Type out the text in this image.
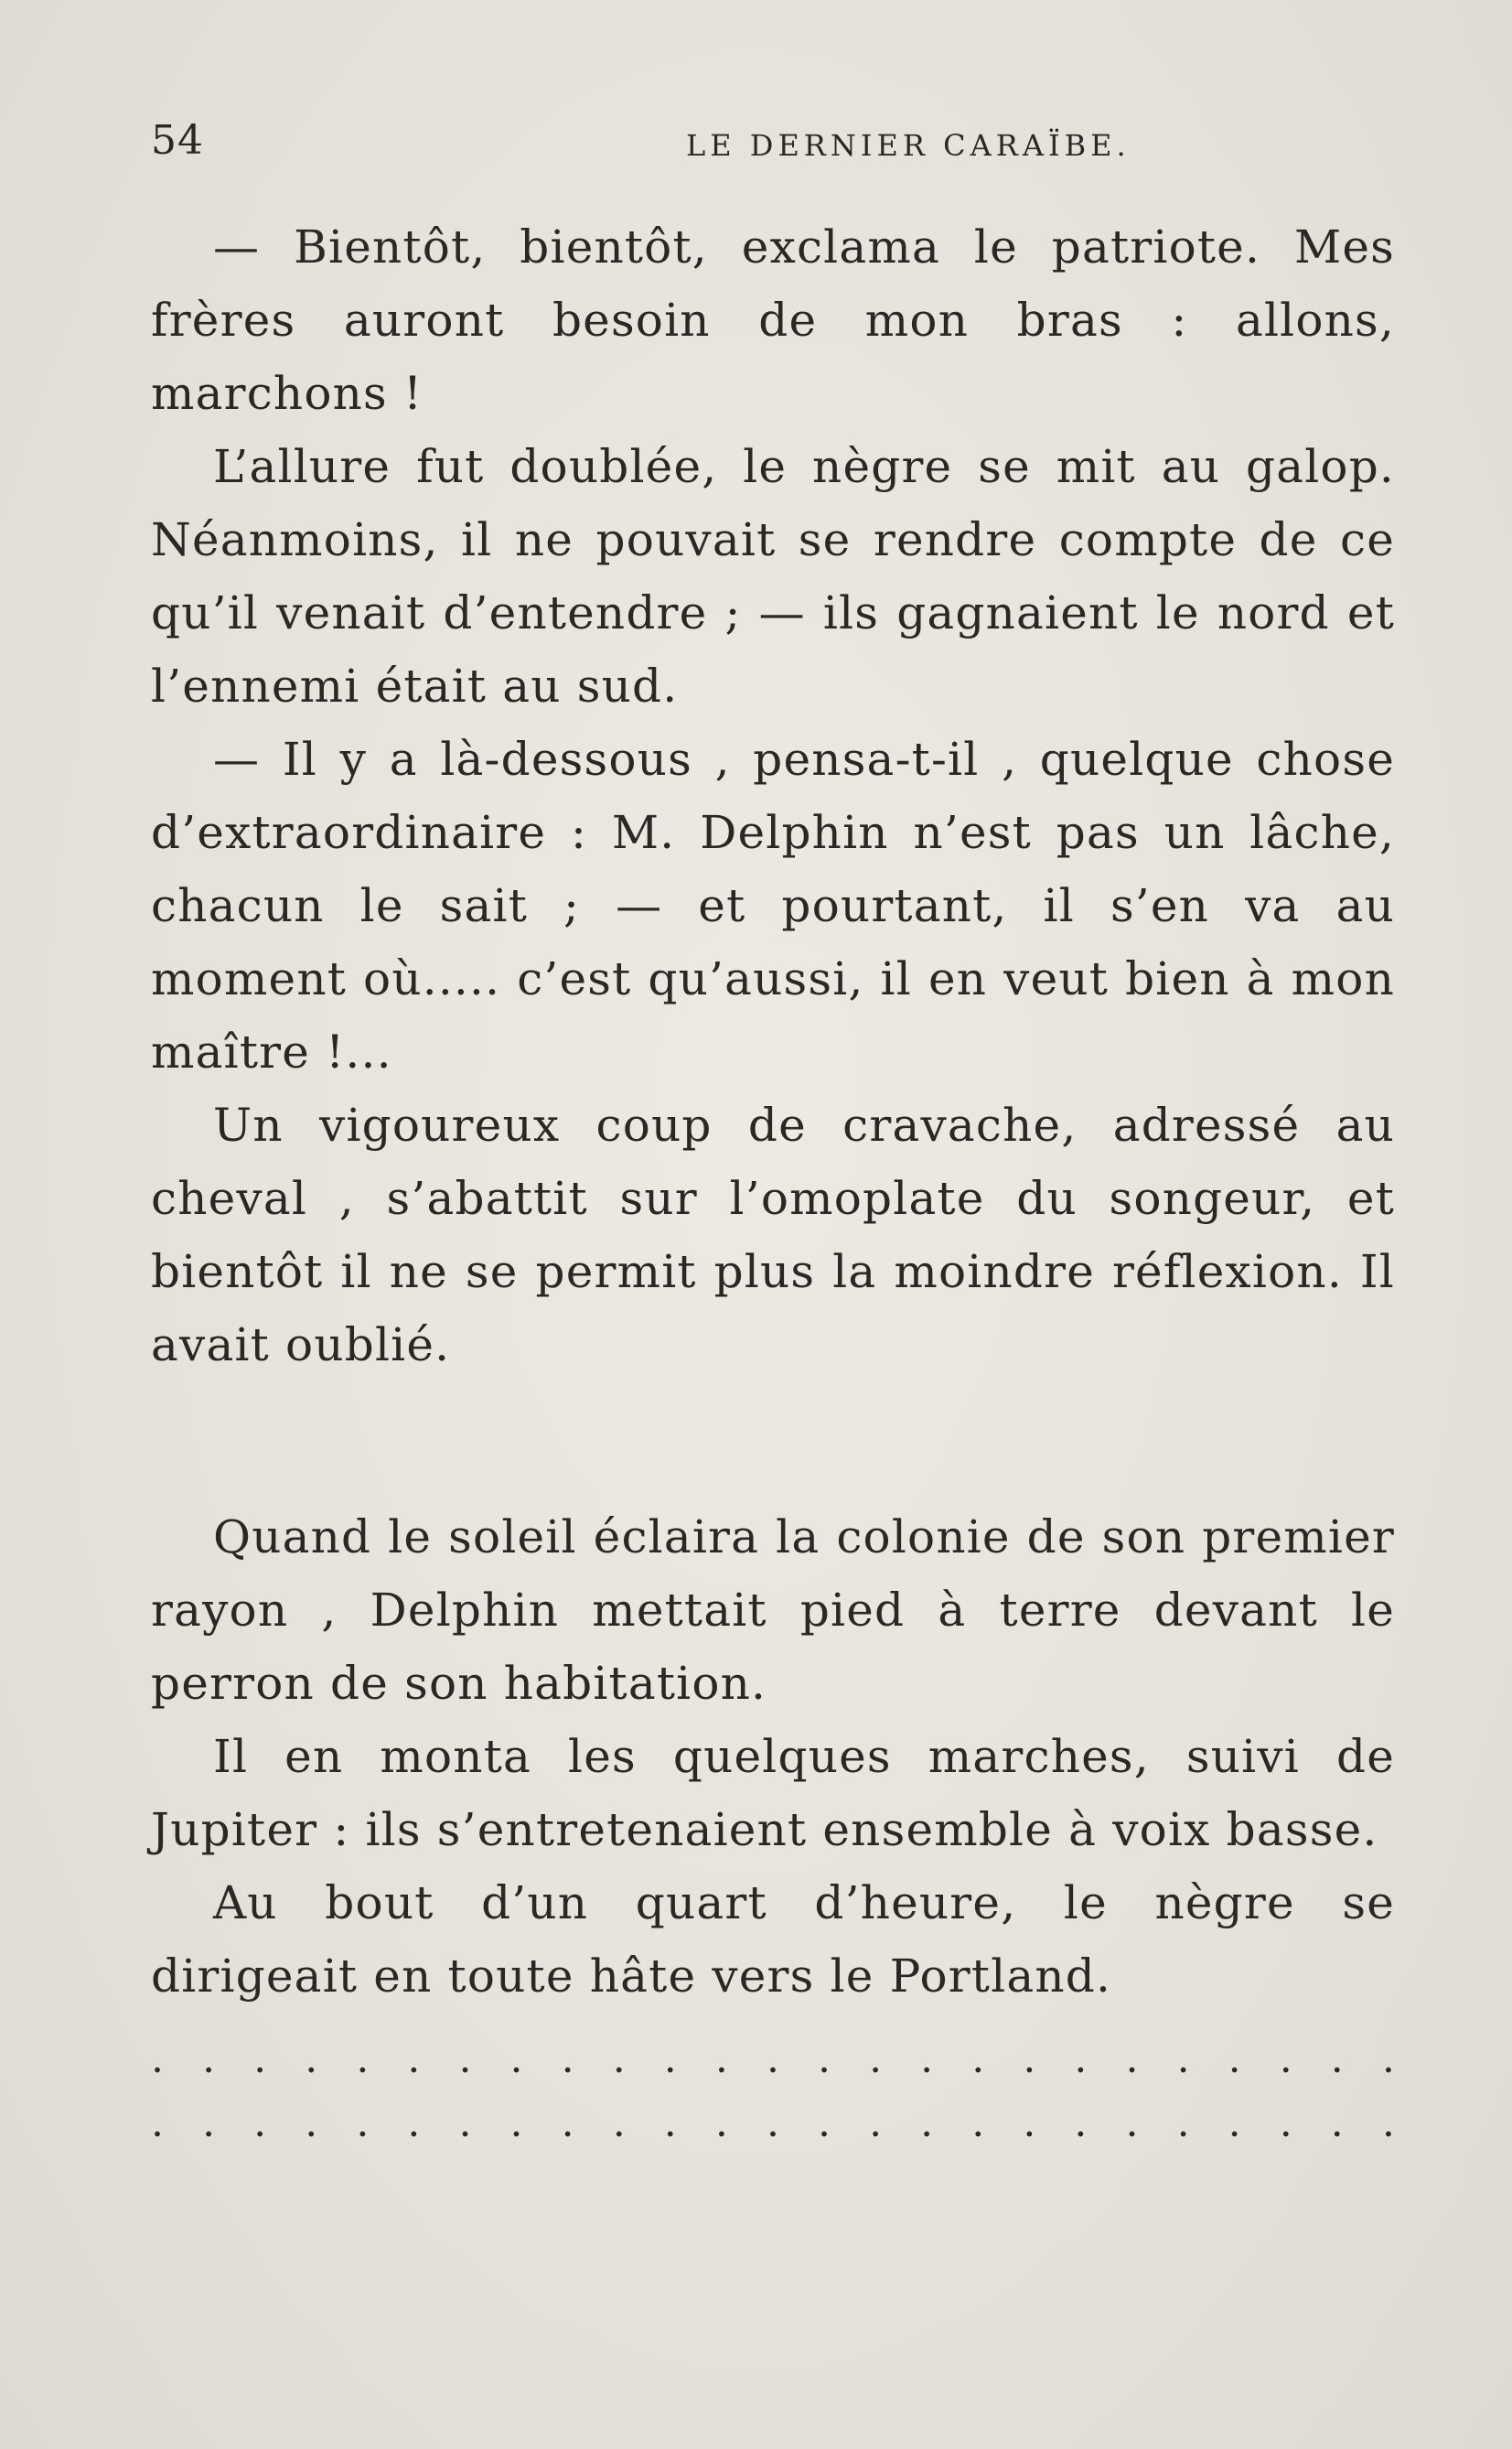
54	LE DERNIER CARAÏBE.

— Bientôt, bientôt, exclama le patriote. Mes frères auront besoin de mon bras : allons, marchons !

L’allure fut doublée, le nègre se mit au galop. Néanmoins, il ne pouvait se rendre compte de ce qu’il venait d’entendre ; — ils gagnaient le nord et l’ennemi était au sud.

— Il y a là-dessous , pensa-t-il , quelque chose d’extraordinaire : M. Delphin n’est pas un lâche, chacun le sait ; — et pourtant, il s’en va au moment où..... c’est qu’aussi, il en veut bien à mon maître !...

Un vigoureux coup de cravache, adressé au cheval , s’abattit sur l’omoplate du songeur, et bientôt il ne se permit plus la moindre réflexion. Il avait oublié.

Quand le soleil éclaira la colonie de son premier rayon , Delphin mettait pied à terre devant le perron de son habitation.

Il en monta les quelques marches, suivi de Jupiter : ils s’entretenaient ensemble à voix basse.

Au bout d’un quart d’heure, le nègre se dirigeait en toute hâte vers le Portland.

. . . . . . . . . . . . . . . . . . . . . . . . .
. . . . . . . . . . . . . . . . . . . . . . . . .
